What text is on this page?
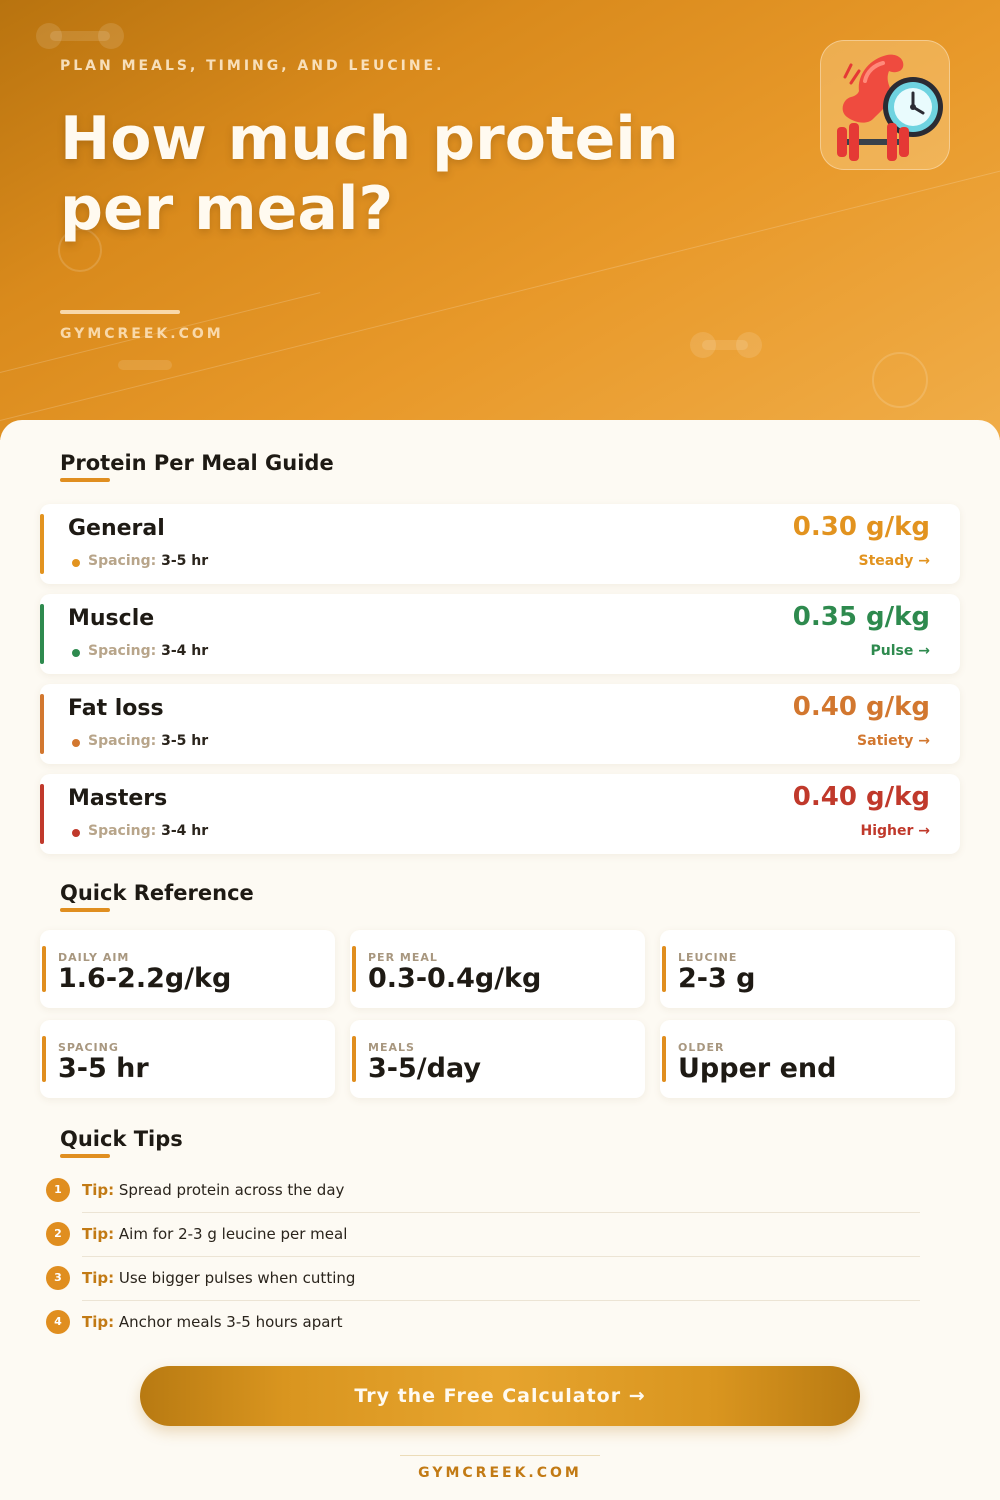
PLAN MEALS, TIMING, AND LEUCINE.
How much protein per meal?
GYMCREEK.COM
Protein Per Meal Guide
General
Spacing: 3-5 hr
0.30 g/kg
Steady →
Muscle
Spacing: 3-4 hr
0.35 g/kg
Pulse →
Fat loss
Spacing: 3-5 hr
0.40 g/kg
Satiety →
Masters
Spacing: 3-4 hr
0.40 g/kg
Higher →
Quick Reference
DAILY AIM
1.6-2.2g/kg
PER MEAL
0.3-0.4g/kg
LEUCINE
2-3 g
SPACING
3-5 hr
MEALS
3-5/day
OLDER
Upper end
Quick Tips
1	Tip: Spread protein across the day
2	Tip: Aim for 2-3 g leucine per meal
3	Tip: Use bigger pulses when cutting
4	Tip: Anchor meals 3-5 hours apart
Try the Free Calculator →
GYMCREEK.COM
